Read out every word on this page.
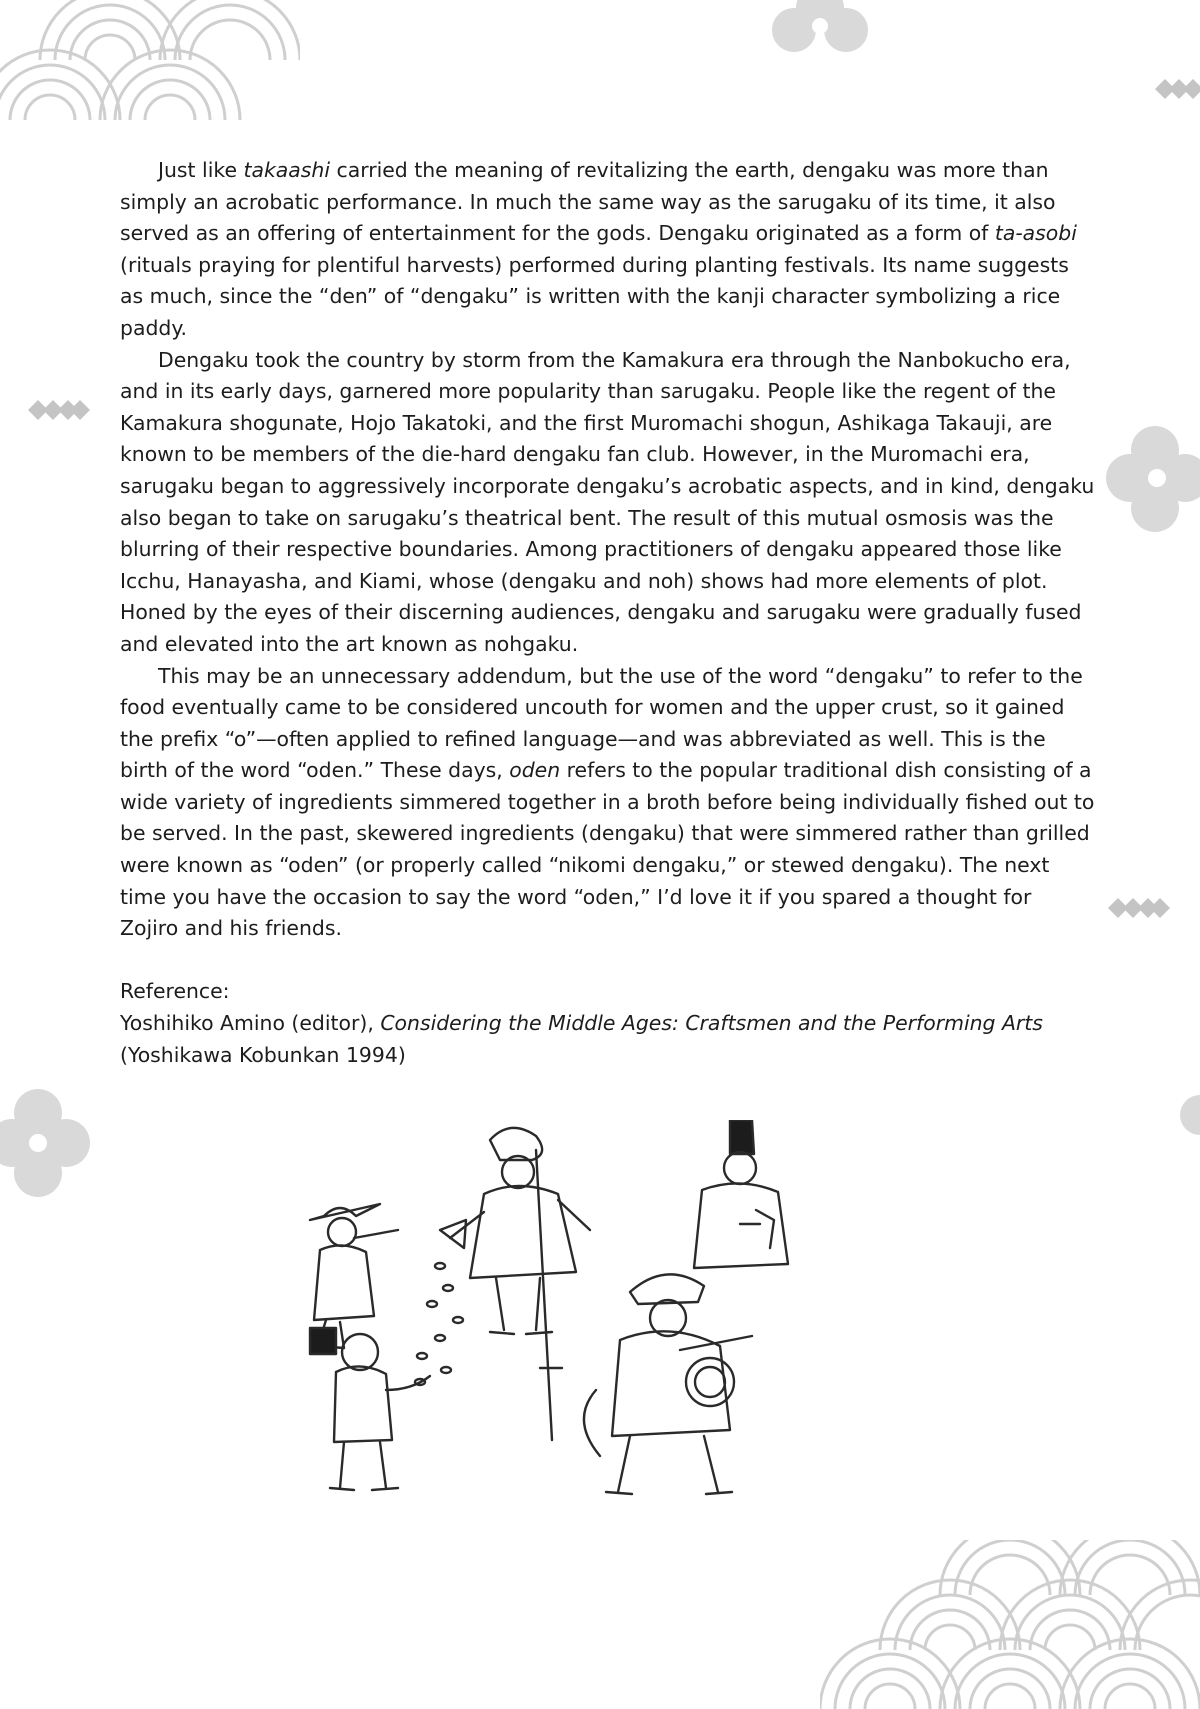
Just like takaashi carried the meaning of revitalizing the earth, dengaku was more than simply an acrobatic performance. In much the same way as the sarugaku of its time, it also served as an offering of entertainment for the gods. Dengaku originated as a form of ta-asobi (rituals praying for plentiful harvests) performed during planting festivals. Its name suggests as much, since the “den” of “dengaku” is written with the kanji character symbolizing a rice paddy.

Dengaku took the country by storm from the Kamakura era through the Nanbokucho era, and in its early days, garnered more popularity than sarugaku. People like the regent of the Kamakura shogunate, Hojo Takatoki, and the first Muromachi shogun, Ashikaga Takauji, are known to be members of the die-hard dengaku fan club. However, in the Muromachi era, sarugaku began to aggressively incorporate dengaku’s acrobatic aspects, and in kind, dengaku also began to take on sarugaku’s theatrical bent. The result of this mutual osmosis was the blurring of their respective boundaries. Among practitioners of dengaku appeared those like Icchu, Hanayasha, and Kiami, whose (dengaku and noh) shows had more elements of plot. Honed by the eyes of their discerning audiences, dengaku and sarugaku were gradually fused and elevated into the art known as nohgaku.

This may be an unnecessary addendum, but the use of the word “dengaku” to refer to the food eventually came to be considered uncouth for women and the upper crust, so it gained the prefix “o”—often applied to refined language—and was abbreviated as well. This is the birth of the word “oden.” These days, oden refers to the popular traditional dish consisting of a wide variety of ingredients simmered together in a broth before being individually fished out to be served. In the past, skewered ingredients (dengaku) that were simmered rather than grilled were known as “oden” (or properly called “nikomi dengaku,” or stewed dengaku). The next time you have the occasion to say the word “oden,” I’d love it if you spared a thought for Zojiro and his friends.

Reference:
Yoshihiko Amino (editor), Considering the Middle Ages: Craftsmen and the Performing Arts (Yoshikawa Kobunkan 1994)
